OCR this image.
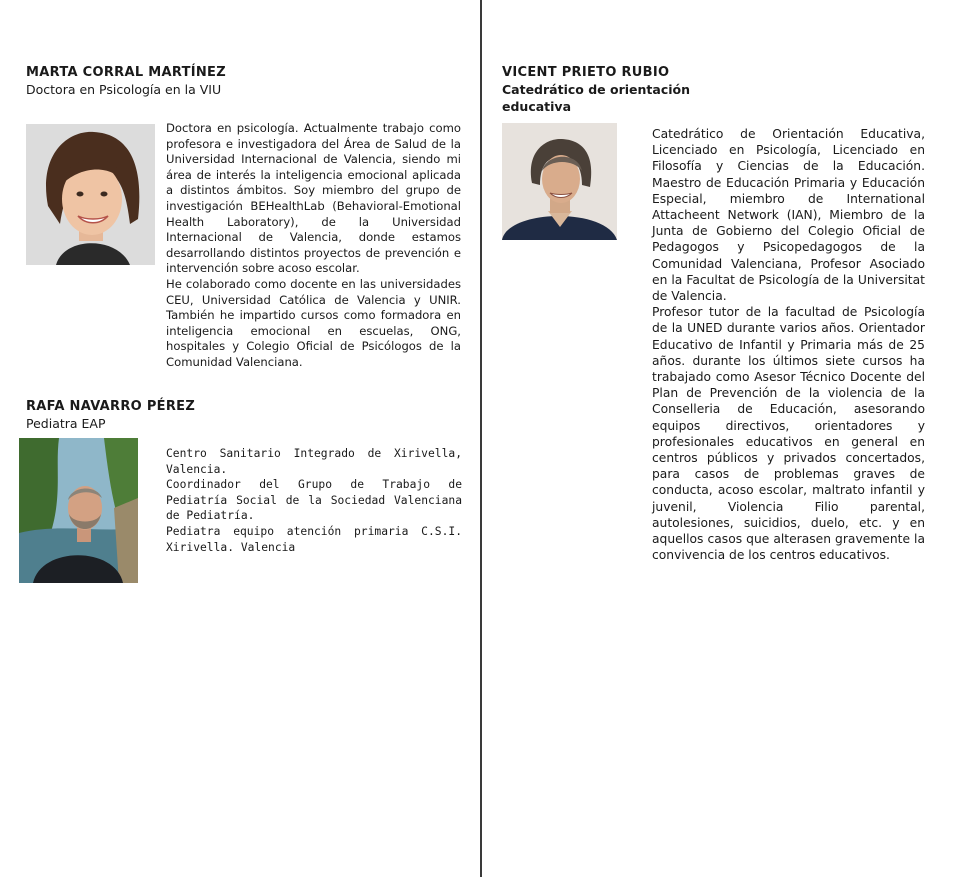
MARTA CORRAL MARTÍNEZ
Doctora en Psicología en la VIU

Doctora en psicología. Actualmente trabajo como profesora e investigadora del Área de Salud de la Universidad Internacional de Valencia, siendo mi área de interés la inteligencia emocional aplicada a distintos ámbitos. Soy miembro del grupo de investigación BEHealthLab (Behavioral-Emotional Health Laboratory), de la Universidad Internacional de Valencia, donde estamos desarrollando distintos proyectos de prevención e intervención sobre acoso escolar.

He colaborado como docente en las universidades CEU, Universidad Católica de Valencia y UNIR. También he impartido cursos como formadora en inteligencia emocional en escuelas, ONG, hospitales y Colegio Oficial de Psicólogos de la Comunidad Valenciana.

RAFA NAVARRO PÉREZ
Pediatra EAP

Centro Sanitario Integrado de Xirivella, Valencia.

Coordinador del Grupo de Trabajo de Pediatría Social de la Sociedad Valenciana de Pediatría.

Pediatra equipo atención primaria C.S.I. Xirivella. Valencia

VICENT PRIETO RUBIO
Catedrático de orientación educativa

Catedrático de Orientación Educativa, Licenciado en Psicología, Licenciado en Filosofía y Ciencias de la Educación. Maestro de Educación Primaria y Educación Especial, miembro de International Attacheent Network (IAN), Miembro de la Junta de Gobierno del Colegio Oficial de Pedagogos y Psicopedagogos de la Comunidad Valenciana, Profesor Asociado en la Facultat de Psicología de la Universitat de Valencia.

Profesor tutor de la facultad de Psicología de la UNED durante varios años. Orientador Educativo de Infantil y Primaria más de 25 años. durante los últimos siete cursos ha trabajado como Asesor Técnico Docente del Plan de Prevención de la violencia de la Conselleria de Educación, asesorando equipos directivos, orientadores y profesionales educativos en general en centros públicos y privados concertados, para casos de problemas graves de conducta, acoso escolar, maltrato infantil y juvenil, Violencia Filio parental, autolesiones, suicidios, duelo, etc. y en aquellos casos que alterasen gravemente la convivencia de los centros educativos.
